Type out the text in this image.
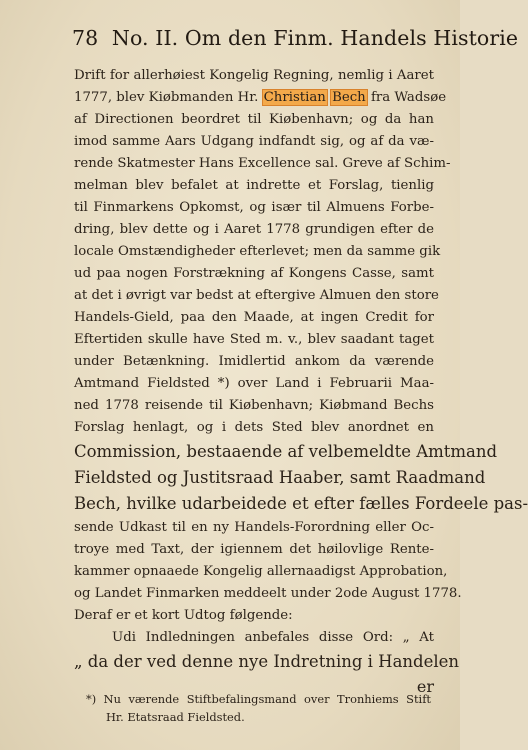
78 No. II. Om den Finm. Handels Historie
Drift for allerhøiest Kongelig Regning, nemlig i Aaret
1777, blev Kiøbmanden Hr. Christian Bech fra Wadsøe
af Directionen beordret til Kiøbenhavn; og da han
imod samme Aars Udgang indfandt sig, og af da væ-
rende Skatmester Hans Excellence sal. Greve af Schim-
melman blev befalet at indrette et Forslag, tienlig
til Finmarkens Opkomst, og især til Almuens Forbe-
dring, blev dette og i Aaret 1778 grundigen efter de
locale Omstændigheder efterlevet; men da samme gik
ud paa nogen Forstrækning af Kongens Casse, samt
at det i øvrigt var bedst at eftergive Almuen den store
Handels-Gield, paa den Maade, at ingen Credit for
Eftertiden skulle have Sted m. v., blev saadant taget
under Betænkning. Imidlertid ankom da værende
Amtmand Fieldsted *) over Land i Februarii Maa-
ned 1778 reisende til Kiøbenhavn; Kiøbmand Bechs
Forslag henlagt, og i dets Sted blev anordnet en
Commission, bestaaende af velbemeldte Amtmand
Fieldsted og Justitsraad Haaber, samt Raadmand
Bech, hvilke udarbeidede et efter fælles Fordeele pas-
sende Udkast til en ny Handels-Forordning eller Oc-
troye med Taxt, der igiennem det høilovlige Rente-
kammer opnaaede Kongelig allernaadigst Approbation,
og Landet Finmarken meddeelt under 2ode August 1778.
Deraf er et kort Udtog følgende:
Udi Indledningen anbefales disse Ord: „ At
„ da der ved denne nye Indretning i Handelen
er
*) Nu værende Stiftbefalingsmand over Tronhiems Stift
Hr. Etatsraad Fieldsted.
